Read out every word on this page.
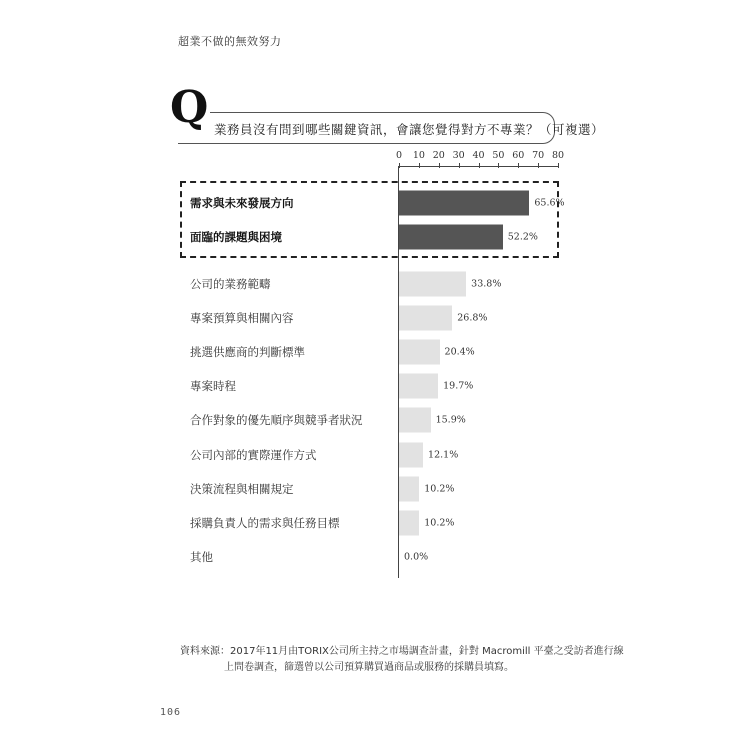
超業不做的無效努力
Q 業務員沒有問到哪些關鍵資訊，會讓您覺得對方不專業？（可複選）
0 10 20 30 40 50 60 70 80
需求與未來發展方向	65.6%
面臨的課題與困境	52.2%
公司的業務範疇	33.8%
專案預算與相關內容	26.8%
挑選供應商的判斷標準	20.4%
專案時程	19.7%
合作對象的優先順序與競爭者狀況	15.9%
公司內部的實際運作方式	12.1%
決策流程與相關規定	10.2%
採購負責人的需求與任務目標	10.2%
其他	0.0%
資料來源：2017年11月由TORIX公司所主持之市場調查計畫，針對 Macromill 平臺之受訪者進行線
上問卷調查，篩選曾以公司預算購買過商品或服務的採購員填寫。
106
